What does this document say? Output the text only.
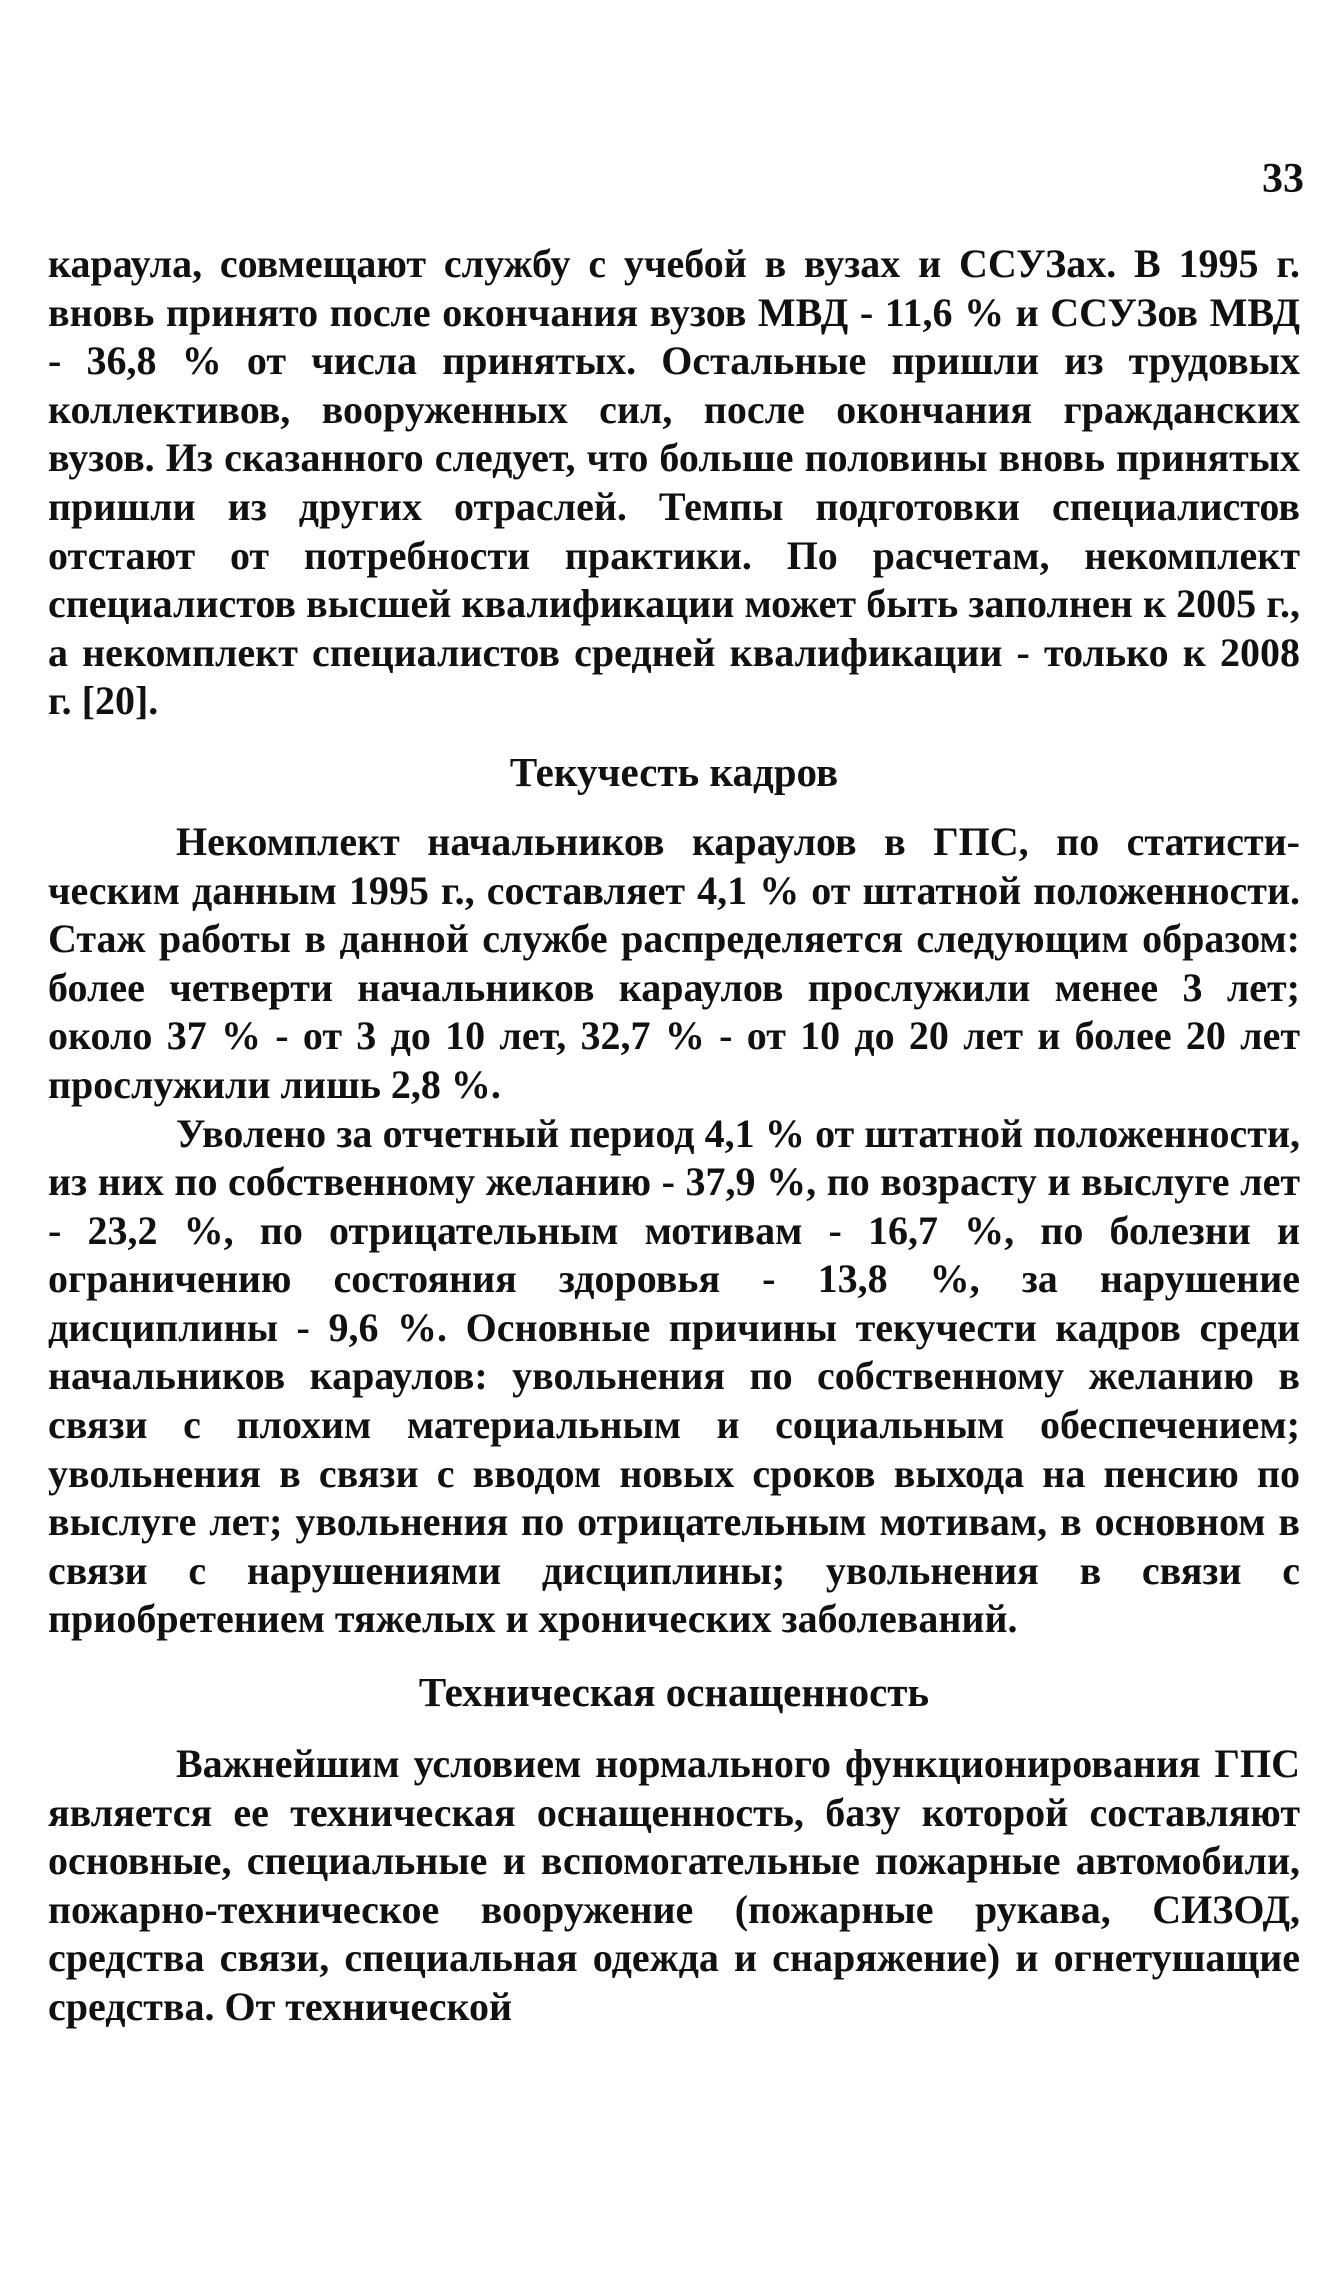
33

караула, совмещают службу с учебой в вузах и ССУЗах. В 1995 г. вновь принято после окончания вузов МВД - 11,6 % и ССУЗов МВД - 36,8 % от числа принятых. Остальные пришли из трудовых коллективов, вооруженных сил, после окончания гражданских вузов. Из сказанного следует, что больше половины вновь принятых пришли из других отраслей. Темпы подготовки специалистов отстают от потребности практики. По расчетам, некомплект специалистов высшей квалификации может быть заполнен к 2005 г., а некомплект специалистов средней квалификации - только к 2008 г. [20].

Текучесть кадров

Некомплект начальников караулов в ГПС, по статистическим данным 1995 г., составляет 4,1 % от штатной положенности. Стаж работы в данной службе распределяется следующим образом: более четверти начальников караулов прослужили менее 3 лет; около 37 % - от 3 до 10 лет, 32,7 % - от 10 до 20 лет и более 20 лет прослужили лишь 2,8 %.

Уволено за отчетный период 4,1 % от штатной положенности, из них по собственному желанию - 37,9 %, по возрасту и выслуге лет - 23,2 %, по отрицательным мотивам - 16,7 %, по болезни и ограничению состояния здоровья - 13,8 %, за нарушение дисциплины - 9,6 %. Основные причины текучести кадров среди начальников караулов: увольнения по собственному желанию в связи с плохим материальным и социальным обеспечением; увольнения в связи с вводом новых сроков выхода на пенсию по выслуге лет; увольнения по отрицательным мотивам, в основном в связи с нарушениями дисциплины; увольнения в связи с приобретением тяжелых и хронических заболеваний.

Техническая оснащенность

Важнейшим условием нормального функционирования ГПС является ее техническая оснащенность, базу которой составляют основные, специальные и вспомогательные пожарные автомобили, пожарно-техническое вооружение (пожарные рукава, СИЗОД, средства связи, специальная одежда и снаряжение) и огнетушащие средства. От технической
